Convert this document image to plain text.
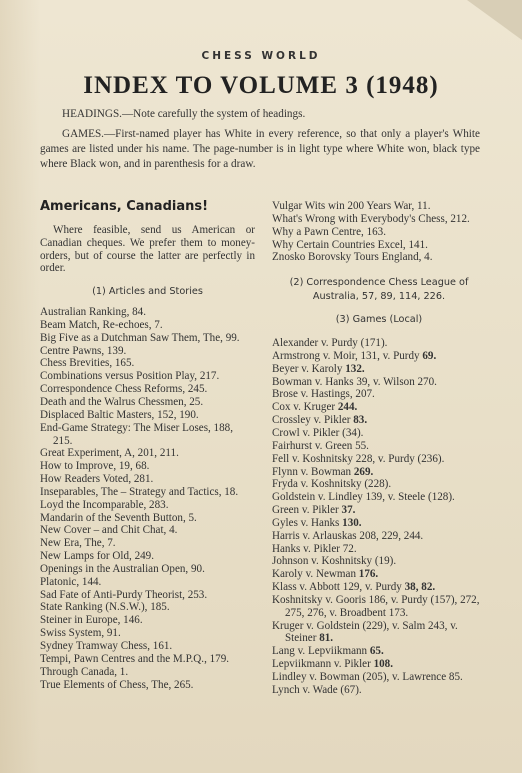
CHESS WORLD
INDEX TO VOLUME 3 (1948)

HEADINGS.—Note carefully the system of headings.

GAMES.—First-named player has White in every reference, so that only a player's White games are listed under his name. The page-number is in light type where White won, black type where Black won, and in parenthesis for a draw.

Americans, Canadians!

Where feasible, send us American or Canadian cheques. We prefer them to money-orders, but of course the latter are perfectly in order.

(1) Articles and Stories
Australian Ranking, 84.
Beam Match, Re-echoes, 7.
Big Five as a Dutchman Saw Them, The, 99.
Centre Pawns, 139.
Chess Brevities, 165.
Combinations versus Position Play, 217.
Correspondence Chess Reforms, 245.
Death and the Walrus Chessmen, 25.
Displaced Baltic Masters, 152, 190.
End-Game Strategy: The Miser Loses, 188, 215.
Great Experiment, A, 201, 211.
How to Improve, 19, 68.
How Readers Voted, 281.
Inseparables, The – Strategy and Tactics, 18.
Loyd the Incomparable, 283.
Mandarin of the Seventh Button, 5.
New Cover – and Chit Chat, 4.
New Era, The, 7.
New Lamps for Old, 249.
Openings in the Australian Open, 90.
Platonic, 144.
Sad Fate of Anti-Purdy Theorist, 253.
State Ranking (N.S.W.), 185.
Steiner in Europe, 146.
Swiss System, 91.
Sydney Tramway Chess, 161.
Tempi, Pawn Centres and the M.P.Q., 179.
Through Canada, 1.
True Elements of Chess, The, 265.
Vulgar Wits win 200 Years War, 11.
What's Wrong with Everybody's Chess, 212.
Why a Pawn Centre, 163.
Why Certain Countries Excel, 141.
Znosko Borovsky Tours England, 4.
(2) Correspondence Chess League of Australia, 57, 89, 114, 226.
(3) Games (Local)
Alexander v. Purdy (171).
Armstrong v. Moir, 131, v. Purdy 69.
Beyer v. Karoly 132.
Bowman v. Hanks 39, v. Wilson 270.
Brose v. Hastings, 207.
Cox v. Kruger 244.
Crossley v. Pikler 83.
Crowl v. Pikler (34).
Fairhurst v. Green 55.
Fell v. Koshnitsky 228, v. Purdy (236).
Flynn v. Bowman 269.
Fryda v. Koshnitsky (228).
Goldstein v. Lindley 139, v. Steele (128).
Green v. Pikler 37.
Gyles v. Hanks 130.
Harris v. Arlauskas 208, 229, 244.
Hanks v. Pikler 72.
Johnson v. Koshnitsky (19).
Karoly v. Newman 176.
Klass v. Abbott 129, v. Purdy 38, 82.
Koshnitsky v. Gooris 186, v. Purdy (157), 272, 275, 276, v. Broadbent 173.
Kruger v. Goldstein (229), v. Salm 243, v. Steiner 81.
Lang v. Lepviikmann 65.
Lepviikmann v. Pikler 108.
Lindley v. Bowman (205), v. Lawrence 85.
Lynch v. Wade (67).
